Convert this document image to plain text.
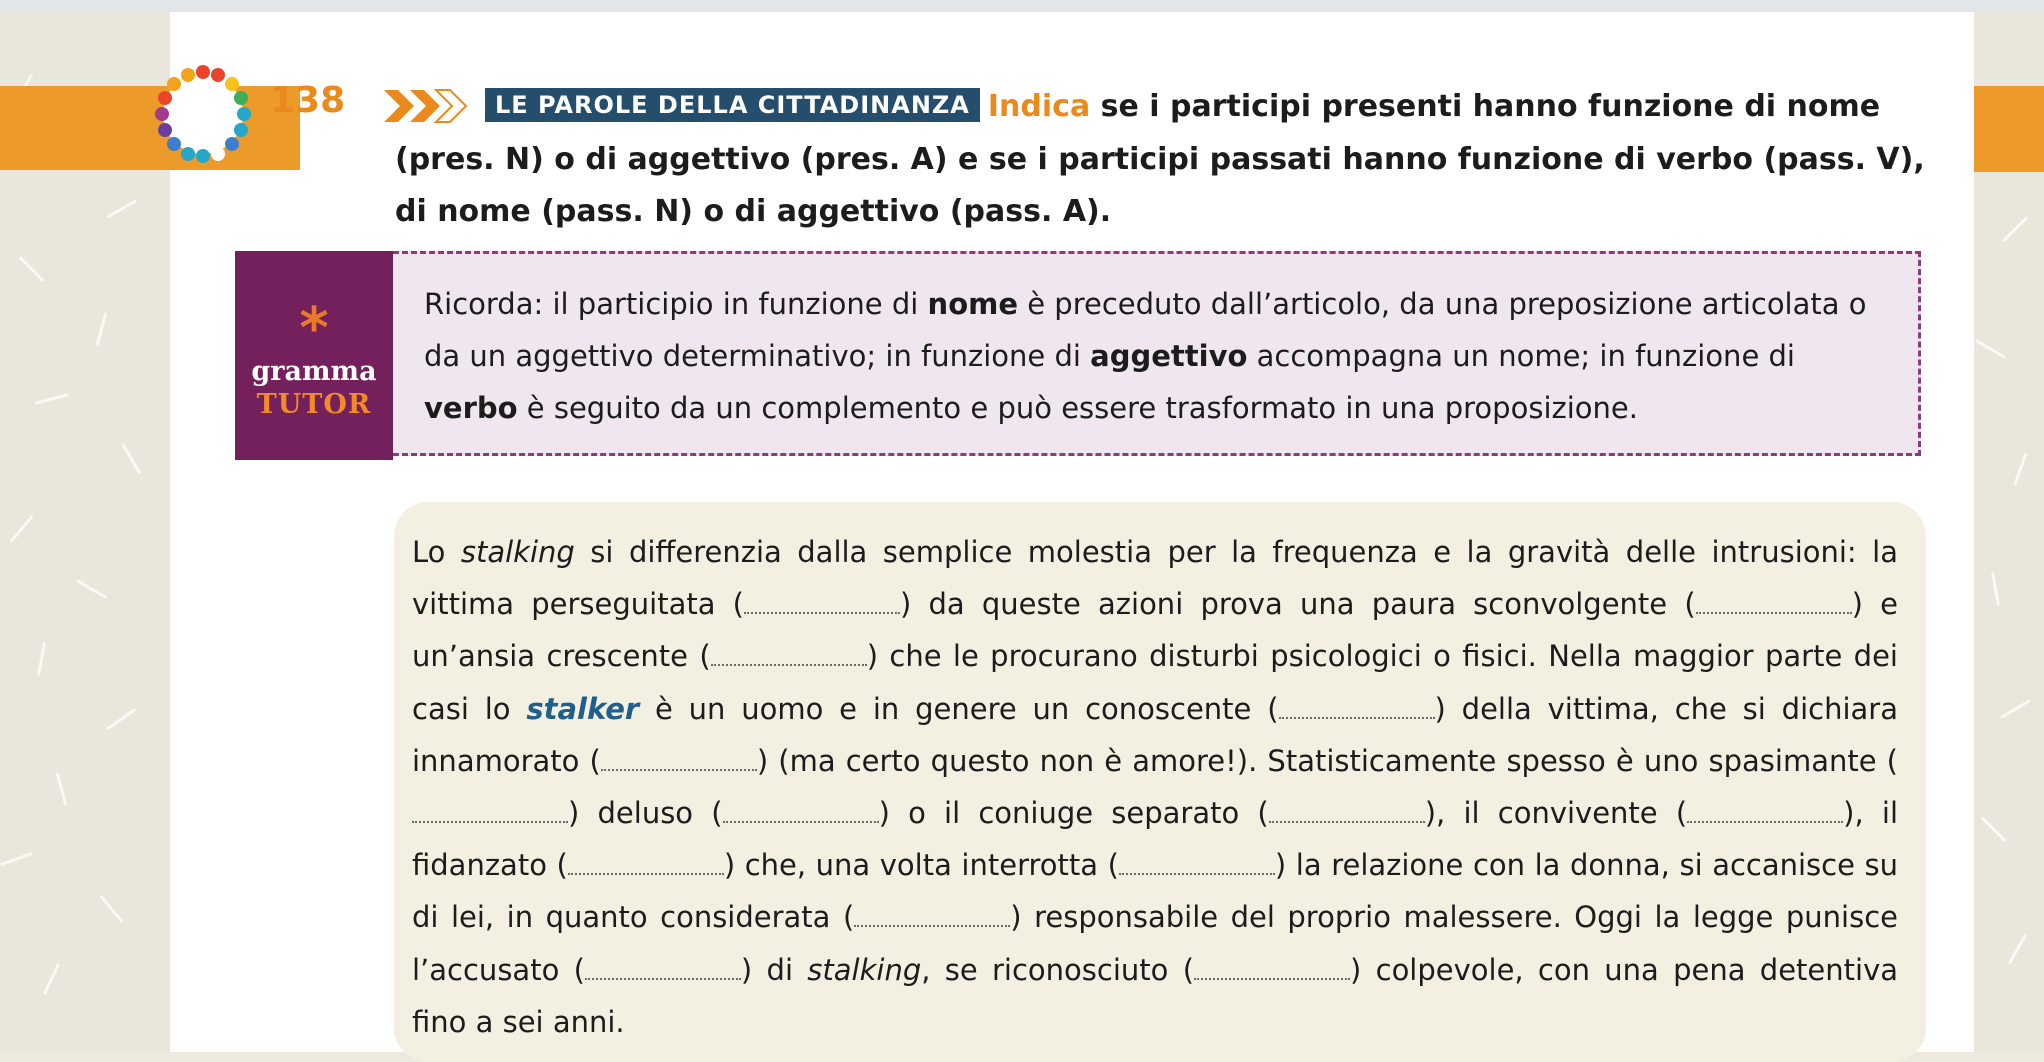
138	LE PAROLE DELLA CITTADINANZA Indica se i participi presenti hanno funzione di nome (pres. N) o di aggettivo (pres. A) e se i participi passati hanno funzione di verbo (pass. V), di nome (pass. N) o di aggettivo (pass. A).
*
gramma
TUTOR
Ricorda: il participio in funzione di nome è preceduto dall’articolo, da una preposizione articolata o da un aggettivo determinativo; in funzione di aggettivo accompagna un nome; in funzione di verbo è seguito da un complemento e può essere trasformato in una proposizione.
Lo stalking si differenzia dalla semplice molestia per la frequenza e la gravità delle intrusioni: la vittima perseguitata (	) da queste azioni prova una paura sconvolgente (	) e un’ansia crescente (	) che le procurano disturbi psicologici o fisici. Nella maggior parte dei casi lo stalker è un uomo e in genere un conoscente (	) della vittima, che si dichiara innamorato (	) (ma certo questo non è amore!). Statisticamente spesso è uno spasimante () deluso (	) o il coniuge separato (	), il convivente (	), il fidanzato (	) che, una volta interrotta (	) la relazione con la donna, si accanisce su di lei, in quanto considerata (	) responsabile del proprio malessere. Oggi la legge punisce l’accusato (	) di stalking, se riconosciuto (	) colpevole, con una pena detentiva fino a sei anni.
